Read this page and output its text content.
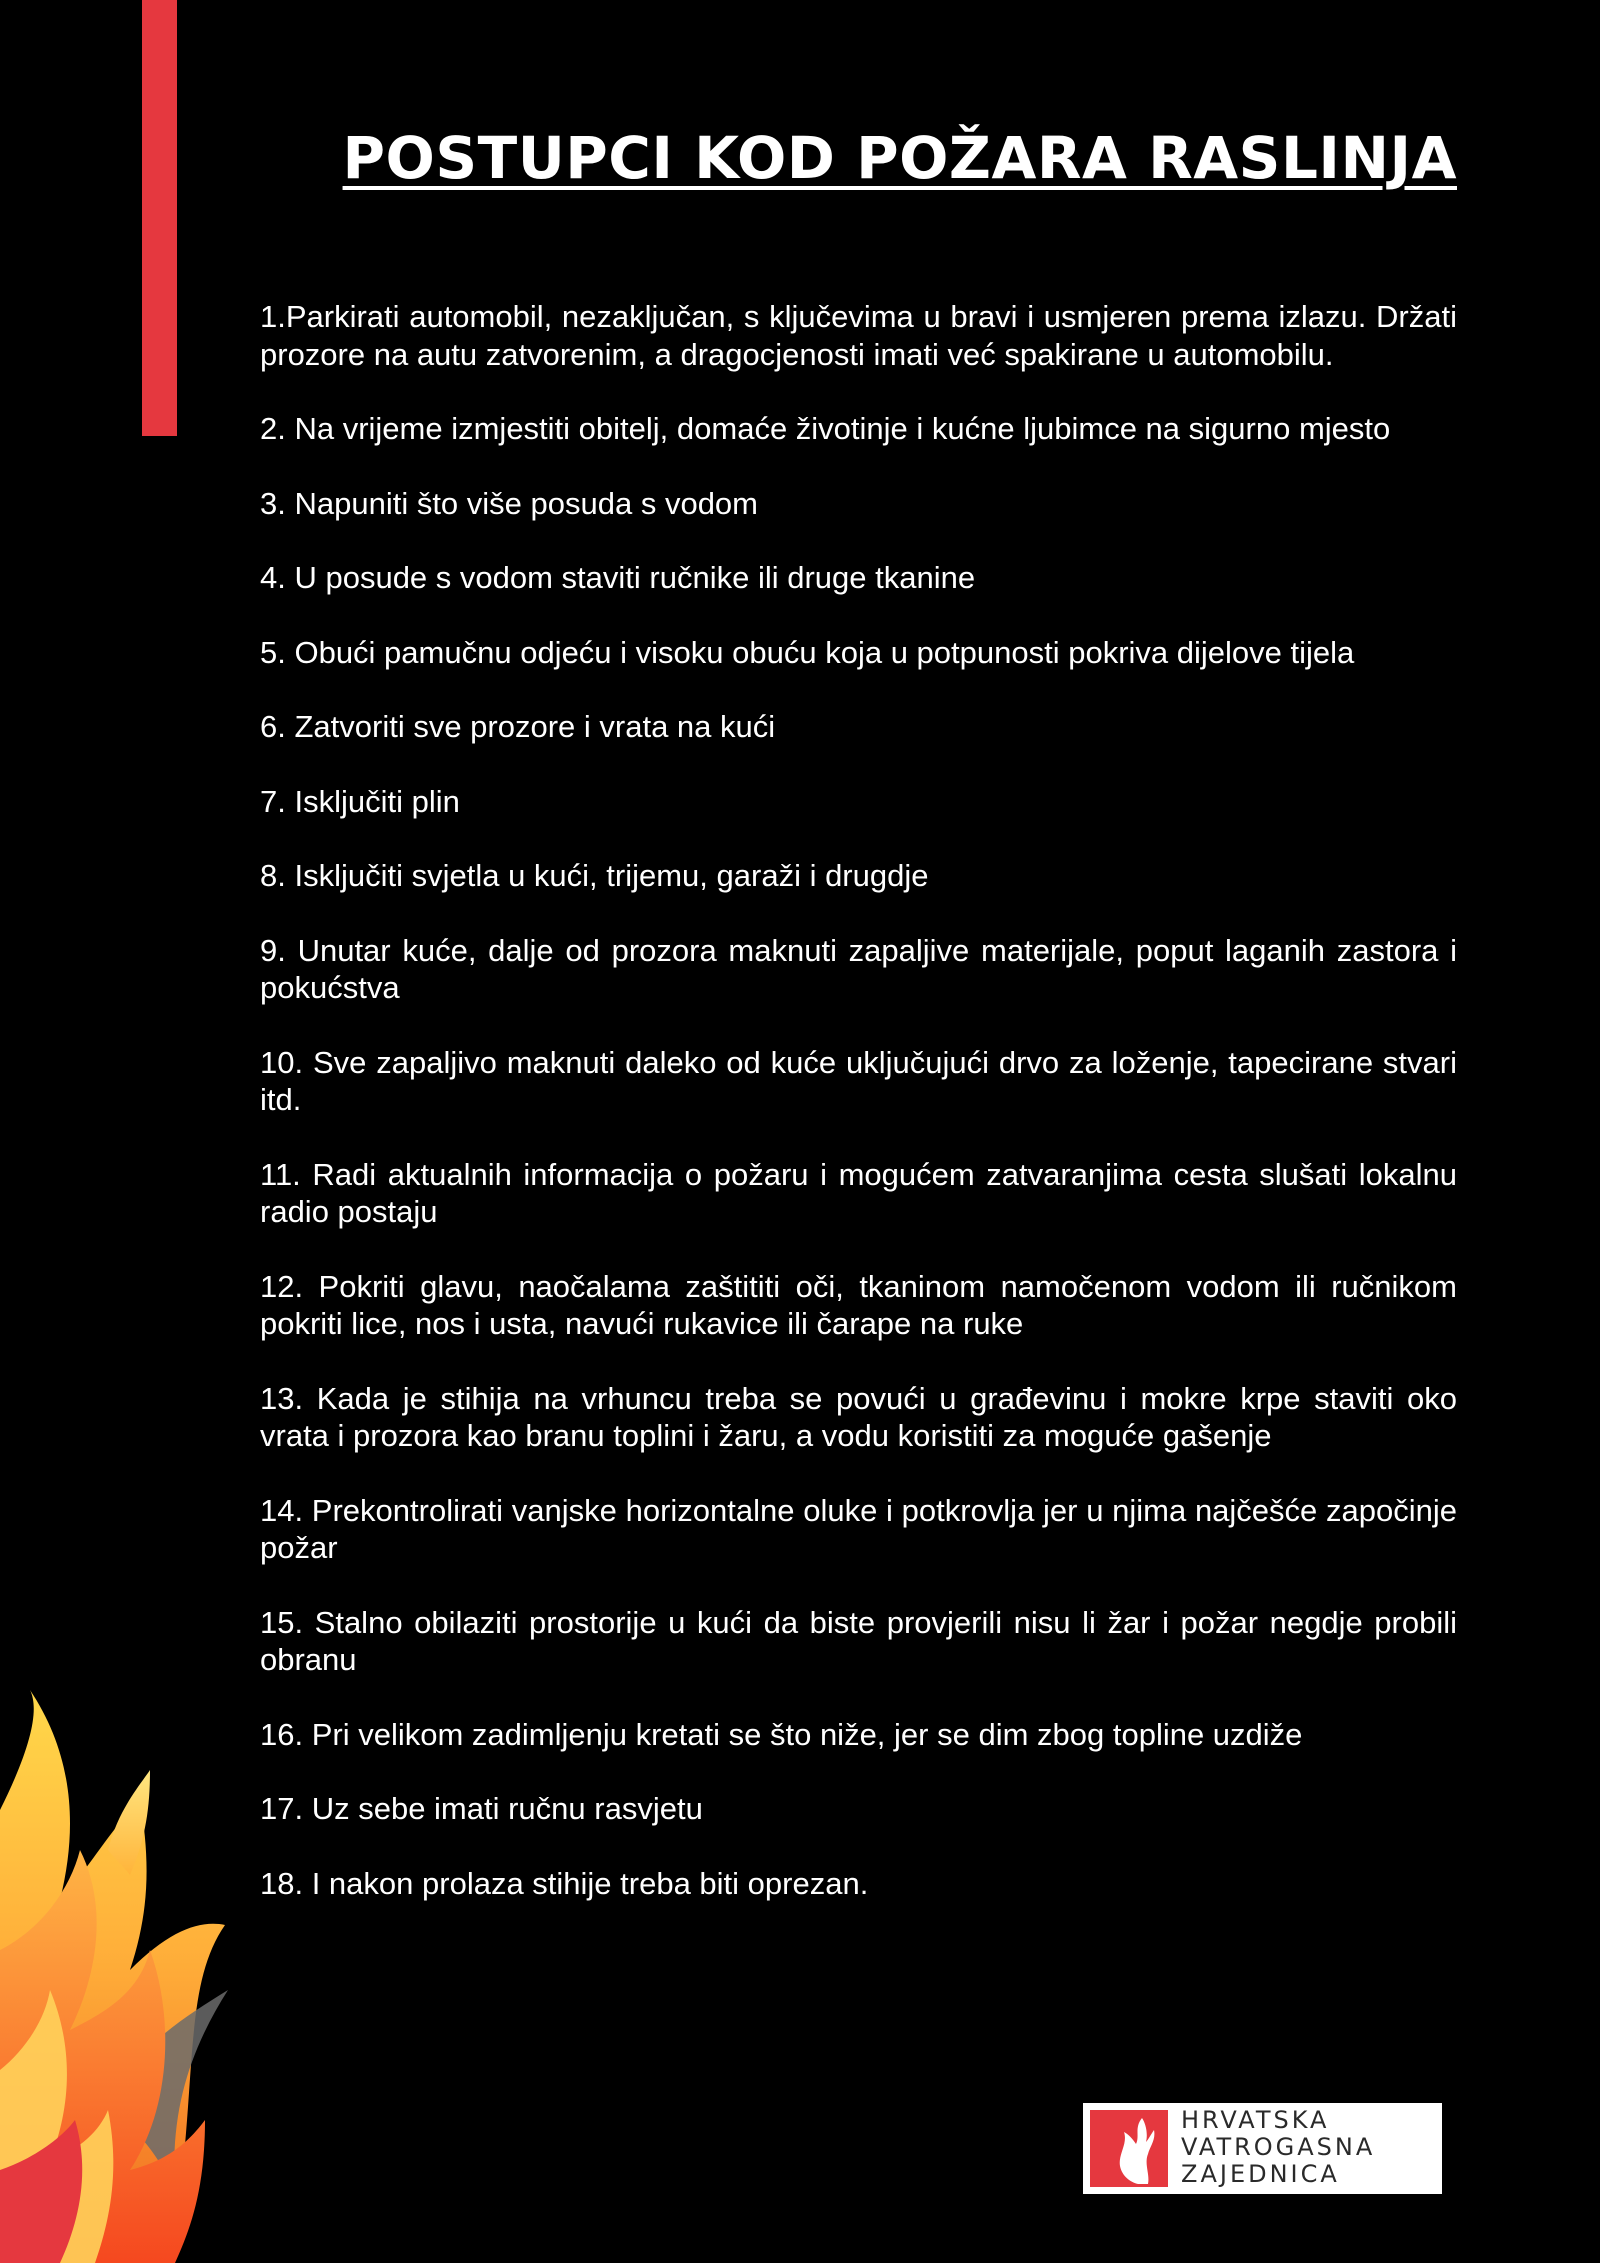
POSTUPCI KOD POŽARA RASLINJA
1.Parkirati automobil, nezaključan, s ključevima u bravi i usmjeren prema izlazu. Držati prozore na autu zatvorenim, a dragocjenosti imati već spakirane u automobilu.
2. Na vrijeme izmjestiti obitelj, domaće životinje i kućne ljubimce na sigurno mjesto
3. Napuniti što više posuda s vodom
4. U posude s vodom staviti ručnike ili druge tkanine
5. Obući pamučnu odjeću i visoku obuću koja u potpunosti pokriva dijelove tijela
6. Zatvoriti sve prozore i vrata na kući
7. Isključiti plin
8. Isključiti svjetla u kući, trijemu, garaži i drugdje
9. Unutar kuće, dalje od prozora maknuti zapaljive materijale, poput laganih zastora i pokućstva
10. Sve zapaljivo maknuti daleko od kuće uključujući drvo za loženje, tapecirane stvari itd.
11. Radi aktualnih informacija o požaru i mogućem zatvaranjima cesta slušati lokalnu radio postaju
12. Pokriti glavu, naočalama zaštititi oči, tkaninom namočenom vodom ili ručnikom pokriti lice, nos i usta, navući rukavice ili čarape na ruke
13. Kada je stihija na vrhuncu treba se povući u građevinu i mokre krpe staviti oko vrata i prozora kao branu toplini i žaru, a vodu koristiti za moguće gašenje
14. Prekontrolirati vanjske horizontalne oluke i potkrovlja jer u njima najčešće započinje požar
15. Stalno obilaziti prostorije u kući da biste provjerili nisu li žar i požar negdje probili obranu
16. Pri velikom zadimljenju kretati se što niže, jer se dim zbog topline uzdiže
17. Uz sebe imati ručnu rasvjetu
18. I nakon prolaza stihije treba biti oprezan.
HRVATSKA
VATROGASNA
ZAJEDNICA
